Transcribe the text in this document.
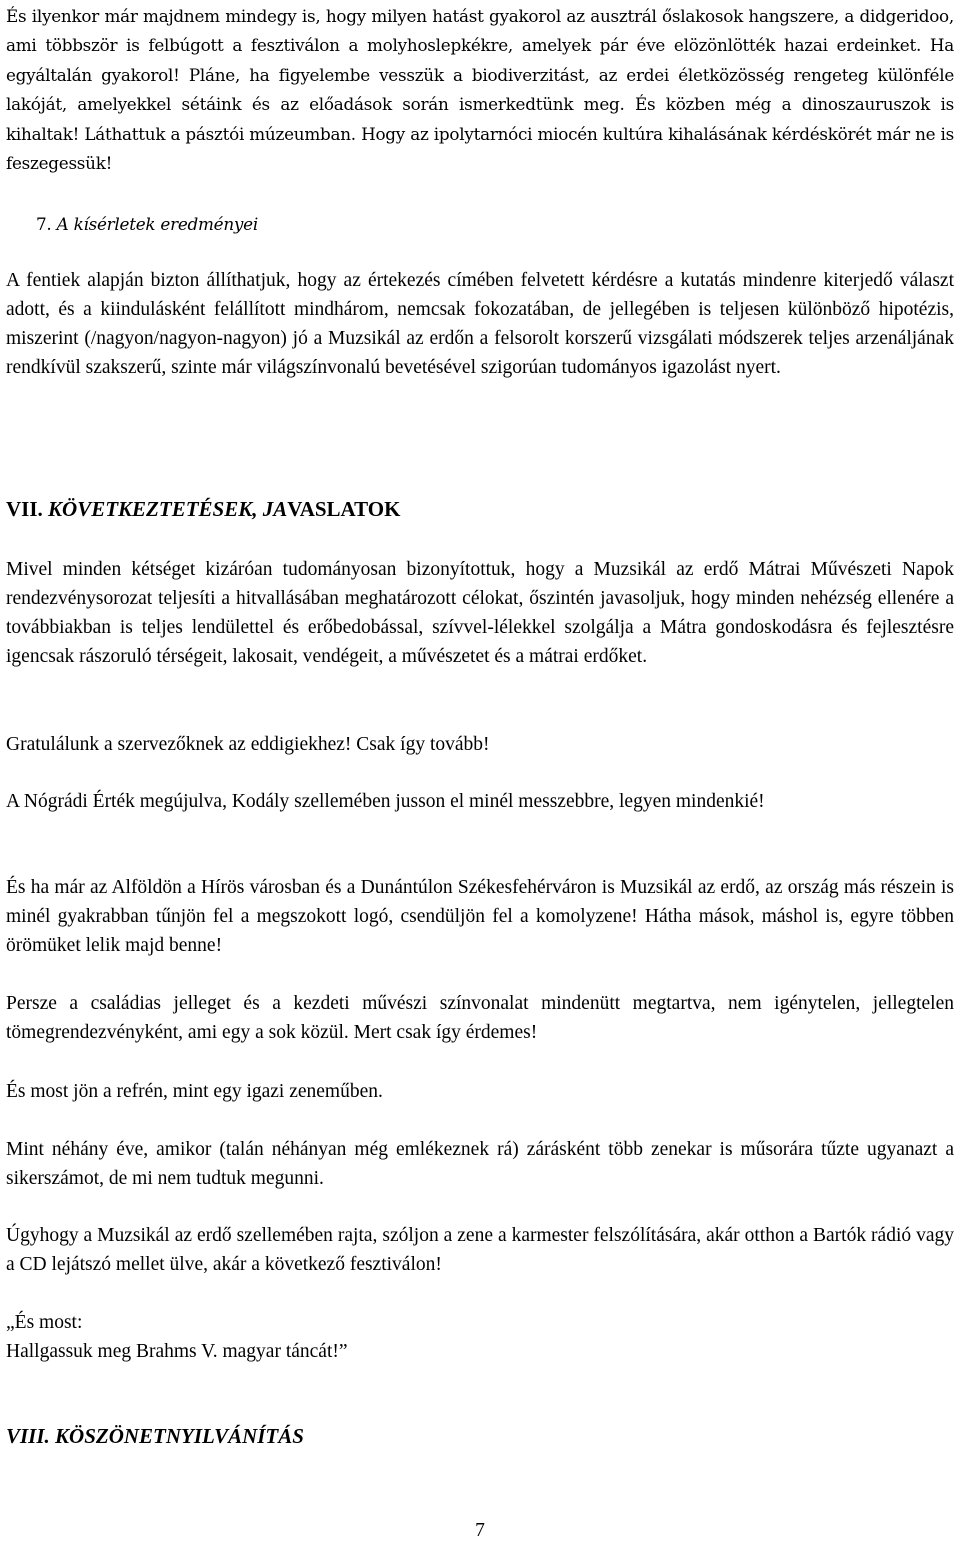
És ilyenkor már majdnem mindegy is, hogy milyen hatást gyakorol az ausztrál őslakosok hangszere, a didgeridoo, ami többször is felbúgott a fesztiválon a molyhoslepkékre, amelyek pár éve elözönlötték hazai erdeinket. Ha egyáltalán gyakorol! Pláne, ha figyelembe vesszük a biodiverzitást, az erdei életközösség rengeteg különféle lakóját, amelyekkel sétáink és az előadások során ismerkedtünk meg. És közben még a dinoszauruszok is kihaltak! Láthattuk a pásztói múzeumban. Hogy az ipolytarnóci miocén kultúra kihalásának kérdéskörét már ne is feszegessük!

7. A kísérletek eredményei

A fentiek alapján bizton állíthatjuk, hogy az értekezés címében felvetett kérdésre a kutatás mindenre kiterjedő választ adott, és a kiindulásként felállított mindhárom, nemcsak fokozatában, de jellegében is teljesen különböző hipotézis, miszerint (/nagyon/nagyon-nagyon) jó a Muzsikál az erdőn a felsorolt korszerű vizsgálati módszerek teljes arzenáljának rendkívül szakszerű, szinte már világszínvonalú bevetésével szigorúan tudományos igazolást nyert.

VII. KÖVETKEZTETÉSEK, JAVASLATOK

Mivel minden kétséget kizáróan tudományosan bizonyítottuk, hogy a Muzsikál az erdő Mátrai Művészeti Napok rendezvénysorozat teljesíti a hitvallásában meghatározott célokat, őszintén javasoljuk, hogy minden nehézség ellenére a továbbiakban is teljes lendülettel és erőbedobással, szívvel-lélekkel szolgálja a Mátra gondoskodásra és fejlesztésre igencsak rászoruló térségeit, lakosait, vendégeit, a művészetet és a mátrai erdőket.

Gratulálunk a szervezőknek az eddigiekhez! Csak így tovább!

A Nógrádi Érték megújulva, Kodály szellemében jusson el minél messzebbre, legyen mindenkié!

És ha már az Alföldön a Hírös városban és a Dunántúlon Székesfehérváron is Muzsikál az erdő, az ország más részein is minél gyakrabban tűnjön fel a megszokott logó, csendüljön fel a komolyzene! Hátha mások, máshol is, egyre többen örömüket lelik majd benne!

Persze a családias jelleget és a kezdeti művészi színvonalat mindenütt megtartva, nem igénytelen, jellegtelen tömegrendezvényként, ami egy a sok közül. Mert csak így érdemes!

És most jön a refrén, mint egy igazi zeneműben.

Mint néhány éve, amikor (talán néhányan még emlékeznek rá) zárásként több zenekar is műsorára tűzte ugyanazt a sikerszámot, de mi nem tudtuk megunni.

Úgyhogy a Muzsikál az erdő szellemében rajta, szóljon a zene a karmester felszólítására, akár otthon a Bartók rádió vagy a CD lejátszó mellet ülve, akár a következő fesztiválon!

„És most:

Hallgassuk meg Brahms V. magyar táncát!”

VIII. KÖSZÖNETNYILVÁNÍTÁS
7
